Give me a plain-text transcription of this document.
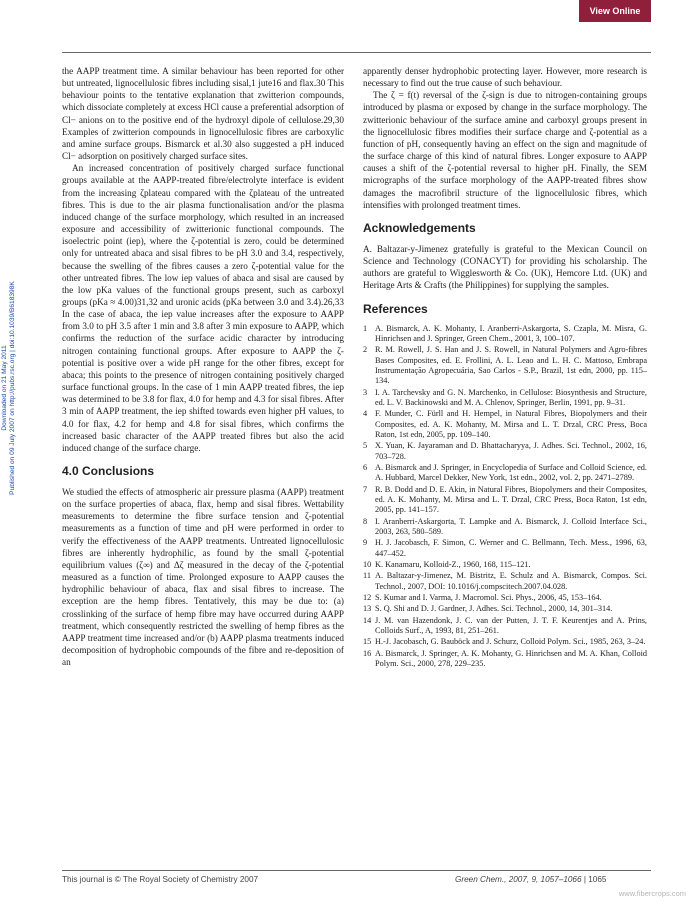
View Online
Downloaded on 21 May 2011 Published on 09 July 2007 on http://pubs.rsc.org | doi:10.1039/B618398K

the AAPP treatment time. A similar behaviour has been reported for other but untreated, lignocellulosic fibres including sisal,1 jute16 and flax.30 This behaviour points to the tentative explanation that zwitterion compounds, which dissociate completely at excess HCl cause a preferential adsorption of Cl− anions on to the positive end of the hydroxyl dipole of cellulose.29,30 Examples of zwitterion compounds in lignocellulosic fibres are carboxylic and amine surface groups. Bismarck et al.30 also suggested a pH induced Cl− adsorption on positively charged surface sites.

An increased concentration of positively charged surface functional groups available at the AAPP-treated fibre/electrolyte interface is evident from the increasing ζplateau compared with the ζplateau of the untreated fibres. This is due to the air plasma functionalisation and/or the plasma induced change of the surface morphology, which resulted in an increased exposure and accessibility of zwitterionic functional compounds. The isoelectric point (iep), where the ζ-potential is zero, could be determined only for untreated abaca and sisal fibres to be pH 3.0 and 3.4, respectively, because the swelling of the fibres causes a zero ζ-potential value for the other untreated fibres. The low iep values of abaca and sisal are caused by the low pKa values of the functional groups present, such as carboxyl groups (pKa ≈ 4.00)31,32 and uronic acids (pKa between 3.0 and 3.4).26,33 In the case of abaca, the iep value increases after the exposure to AAPP from 3.0 to pH 3.5 after 1 min and 3.8 after 3 min exposure to AAPP, which confirms the reduction of the surface acidic character by introducing nitrogen containing functional groups. After exposure to AAPP the ζ-potential is positive over a wide pH range for the other fibres, except for abaca; this points to the presence of nitrogen containing positively charged surface functional groups. In the case of 1 min AAPP treated fibres, the iep was determined to be 3.8 for flax, 4.0 for hemp and 4.3 for sisal fibres. After 3 min of AAPP treatment, the iep shifted towards even higher pH values, to 4.0 for flax, 4.2 for hemp and 4.8 for sisal fibres, which confirms the increased basic character of the AAPP treated fibres but also the acid induced change of the surface charge.

4.0 Conclusions

We studied the effects of atmospheric air pressure plasma (AAPP) treatment on the surface properties of abaca, flax, hemp and sisal fibres. Wettability measurements to determine the fibre surface tension and ζ-potential measurements as a function of time and pH were performed in order to verify the effectiveness of the AAPP treatments. Untreated lignocellulosic fibres are inherently hydrophilic, as found by the small ζ-potential equilibrium values (ζ∞) and Δζ measured in the decay of the ζ-potential measured as a function of time. Prolonged exposure to AAPP causes the hydrophilic behaviour of abaca, flax and sisal fibres to increase. The exception are the hemp fibres. Tentatively, this may be due to: (a) crosslinking of the surface of hemp fibre may have occurred during AAPP treatment, which consequently restricted the swelling of hemp fibres as the AAPP treatment time increased and/or (b) AAPP plasma treatments induced decomposition of hydrophobic compounds of the fibre and re-deposition of an

apparently denser hydrophobic protecting layer. However, more research is necessary to find out the true cause of such behaviour.

The ζ = f(t) reversal of the ζ-sign is due to nitrogen-containing groups introduced by plasma or exposed by change in the surface morphology. The zwitterionic behaviour of the surface amine and carboxyl groups present in the lignocellulosic fibres modifies their surface charge and ζ-potential as a function of pH, consequently having an effect on the sign and magnitude of the surface charge of this kind of natural fibres. Longer exposure to AAPP causes a shift of the ζ-potential reversal to higher pH. Finally, the SEM micrographs of the surface morphology of the AAPP-treated fibres show damages the macrofibril structure of the lignocellulosic fibres, which intensifies with prolonged treatment times.

Acknowledgements

A. Baltazar-y-Jimenez gratefully is grateful to the Mexican Council on Science and Technology (CONACYT) for providing his scholarship. The authors are grateful to Wigglesworth & Co. (UK), Hemcore Ltd. (UK) and Heritage Arts & Crafts (the Philippines) for supplying the samples.

References
1 A. Bismarck, A. K. Mohanty, I. Aranberri-Askargorta, S. Czapla, M. Misra, G. Hinrichsen and J. Springer, Green Chem., 2001, 3, 100–107.
2 R. M. Rowell, J. S. Han and J. S. Rowell, in Natural Polymers and Agro-fibres Bases Composites, ed. E. Frollini, A. L. Leao and L. H. C. Mattoso, Embrapa Instrumentação Agropecuária, Sao Carlos - S.P., Brazil, 1st edn, 2000, pp. 115–134.
3 I. A. Tarchevsky and G. N. Marchenko, in Cellulose: Biosynthesis and Structure, ed. L. V. Backinowski and M. A. Chlenov, Springer, Berlin, 1991, pp. 9–31.
4 F. Munder, C. Fürll and H. Hempel, in Natural Fibres, Biopolymers and their Composites, ed. A. K. Mohanty, M. Mirsa and L. T. Drzal, CRC Press, Boca Raton, 1st edn, 2005, pp. 109–140.
5 X. Yuan, K. Jayaraman and D. Bhattacharyya, J. Adhes. Sci. Technol., 2002, 16, 703–728.
6 A. Bismarck and J. Springer, in Encyclopedia of Surface and Colloid Science, ed. A. Hubbard, Marcel Dekker, New York, 1st edn., 2002, vol. 2, pp. 2471–2789.
7 R. B. Dodd and D. E. Akin, in Natural Fibres, Biopolymers and their Composites, ed. A. K. Mohanty, M. Mirsa and L. T. Drzal, CRC Press, Boca Raton, 1st edn, 2005, pp. 141–157.
8 I. Aranberri-Askargorta, T. Lampke and A. Bismarck, J. Colloid Interface Sci., 2003, 263, 580–589.
9 H. J. Jacobasch, F. Simon, C. Werner and C. Bellmann, Tech. Mess., 1996, 63, 447–452.
10 K. Kanamaru, Kolloid-Z., 1960, 168, 115–121.
11 A. Baltazar-y-Jimenez, M. Bistritz, E. Schulz and A. Bismarck, Compos. Sci. Technol., 2007, DOI: 10.1016/j.compscitech.2007.04.028.
12 S. Kumar and I. Varma, J. Macromol. Sci. Phys., 2006, 45, 153–164.
13 S. Q. Shi and D. J. Gardner, J. Adhes. Sci. Technol., 2000, 14, 301–314.
14 J. M. van Hazendonk, J. C. van der Putten, J. T. F. Keurentjes and A. Prins, Colloids Surf., A, 1993, 81, 251–261.
15 H.-J. Jacobasch, G. Bauböck and J. Schurz, Colloid Polym. Sci., 1985, 263, 3–24.
16 A. Bismarck, J. Springer, A. K. Mohanty, G. Hinrichsen and M. A. Khan, Colloid Polym. Sci., 2000, 278, 229–235.
This journal is © The Royal Society of Chemistry 2007	Green Chem., 2007, 9, 1057–1066 | 1065
www.fibercrops.com
